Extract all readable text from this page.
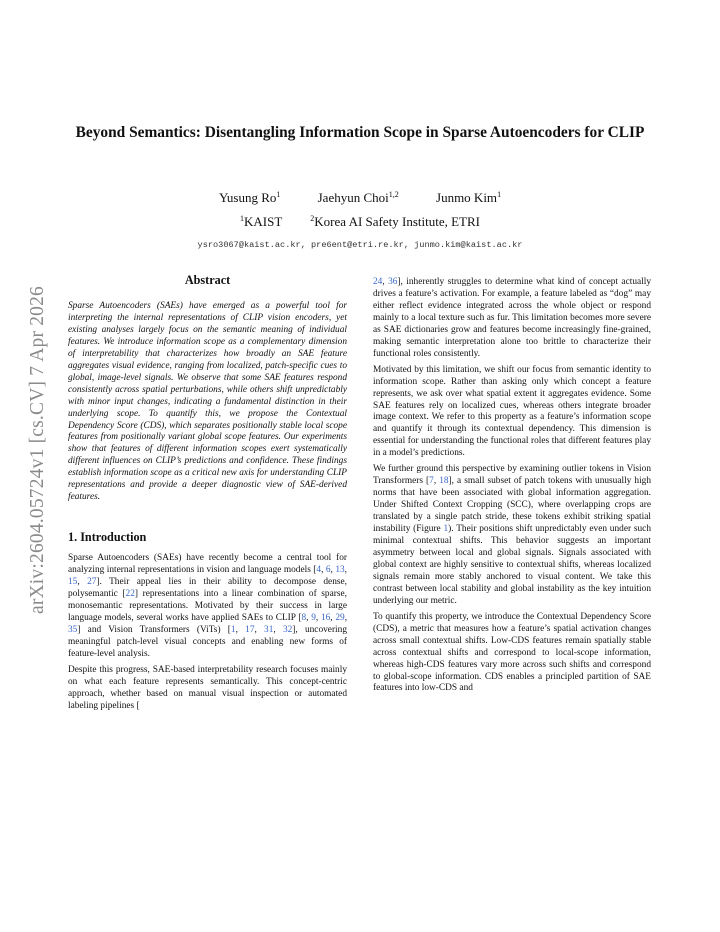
Beyond Semantics: Disentangling Information Scope in Sparse Autoencoders for CLIP
Yusung Ro$^1$	Jaehyun Choi$^{1,2}$	Junmo Kim$^1$
$^1$KAIST	$^2$Korea AI Safety Institute, ETRI
ysro3067@kaist.ac.kr, pre6ent@etri.re.kr, junmo.kim@kaist.ac.kr
arXiv:2604.05724v1 [cs.CV] 7 Apr 2026
Abstract
Sparse Autoencoders (SAEs) have emerged as a powerful tool for interpreting the internal representations of CLIP vision encoders, yet existing analyses largely focus on the semantic meaning of individual features. We introduce information scope as a complementary dimension of interpretability that characterizes how broadly an SAE feature aggregates visual evidence, ranging from localized, patch-specific cues to global, image-level signals. We observe that some SAE features respond consistently across spatial perturbations, while others shift unpredictably with minor input changes, indicating a fundamental distinction in their underlying scope. To quantify this, we propose the Contextual Dependency Score (CDS), which separates positionally stable local scope features from positionally variant global scope features. Our experiments show that features of different information scopes exert systematically different influences on CLIP’s predictions and confidence. These findings establish information scope as a critical new axis for understanding CLIP representations and provide a deeper diagnostic view of SAE-derived features.
1. Introduction

Sparse Autoencoders (SAEs) have recently become a central tool for analyzing internal representations in vision and language models [4, 6, 13, 15, 27]. Their appeal lies in their ability to decompose dense, polysemantic [22] representations into a linear combination of sparse, monosemantic representations. Motivated by their success in large language models, several works have applied SAEs to CLIP [8, 9, 16, 29, 35] and Vision Transformers (ViTs) [1, 17, 31, 32], uncovering meaningful patch-level visual concepts and enabling new forms of feature-level analysis.

Despite this progress, SAE-based interpretability research focuses mainly on what each feature represents semantically. This concept-centric approach, whether based on manual visual inspection or automated labeling pipelines [

24, 36], inherently struggles to determine what kind of concept actually drives a feature’s activation. For example, a feature labeled as “dog” may either reflect evidence integrated across the whole object or respond mainly to a local texture such as fur. This limitation becomes more severe as SAE dictionaries grow and features become increasingly fine-grained, making semantic interpretation alone too brittle to characterize their functional roles consistently.

Motivated by this limitation, we shift our focus from semantic identity to information scope. Rather than asking only which concept a feature represents, we ask over what spatial extent it aggregates evidence. Some SAE features rely on localized cues, whereas others integrate broader image context. We refer to this property as a feature’s information scope and quantify it through its contextual dependency. This dimension is essential for understanding the functional roles that different features play in a model’s predictions.

We further ground this perspective by examining outlier tokens in Vision Transformers [7, 18], a small subset of patch tokens with unusually high norms that have been associated with global information aggregation. Under Shifted Context Cropping (SCC), where overlapping crops are translated by a single patch stride, these tokens exhibit striking spatial instability (Figure 1). Their positions shift unpredictably even under such minimal contextual shifts. This behavior suggests an important asymmetry between local and global signals. Signals associated with global context are highly sensitive to contextual shifts, whereas localized signals remain more stably anchored to visual content. We take this contrast between local stability and global instability as the key intuition underlying our metric.

To quantify this property, we introduce the Contextual Dependency Score (CDS), a metric that measures how a feature’s spatial activation changes across small contextual shifts. Low-CDS features remain spatially stable across contextual shifts and correspond to local-scope information, whereas high-CDS features vary more across such shifts and correspond to global-scope information. CDS enables a principled partition of SAE features into low-CDS and
